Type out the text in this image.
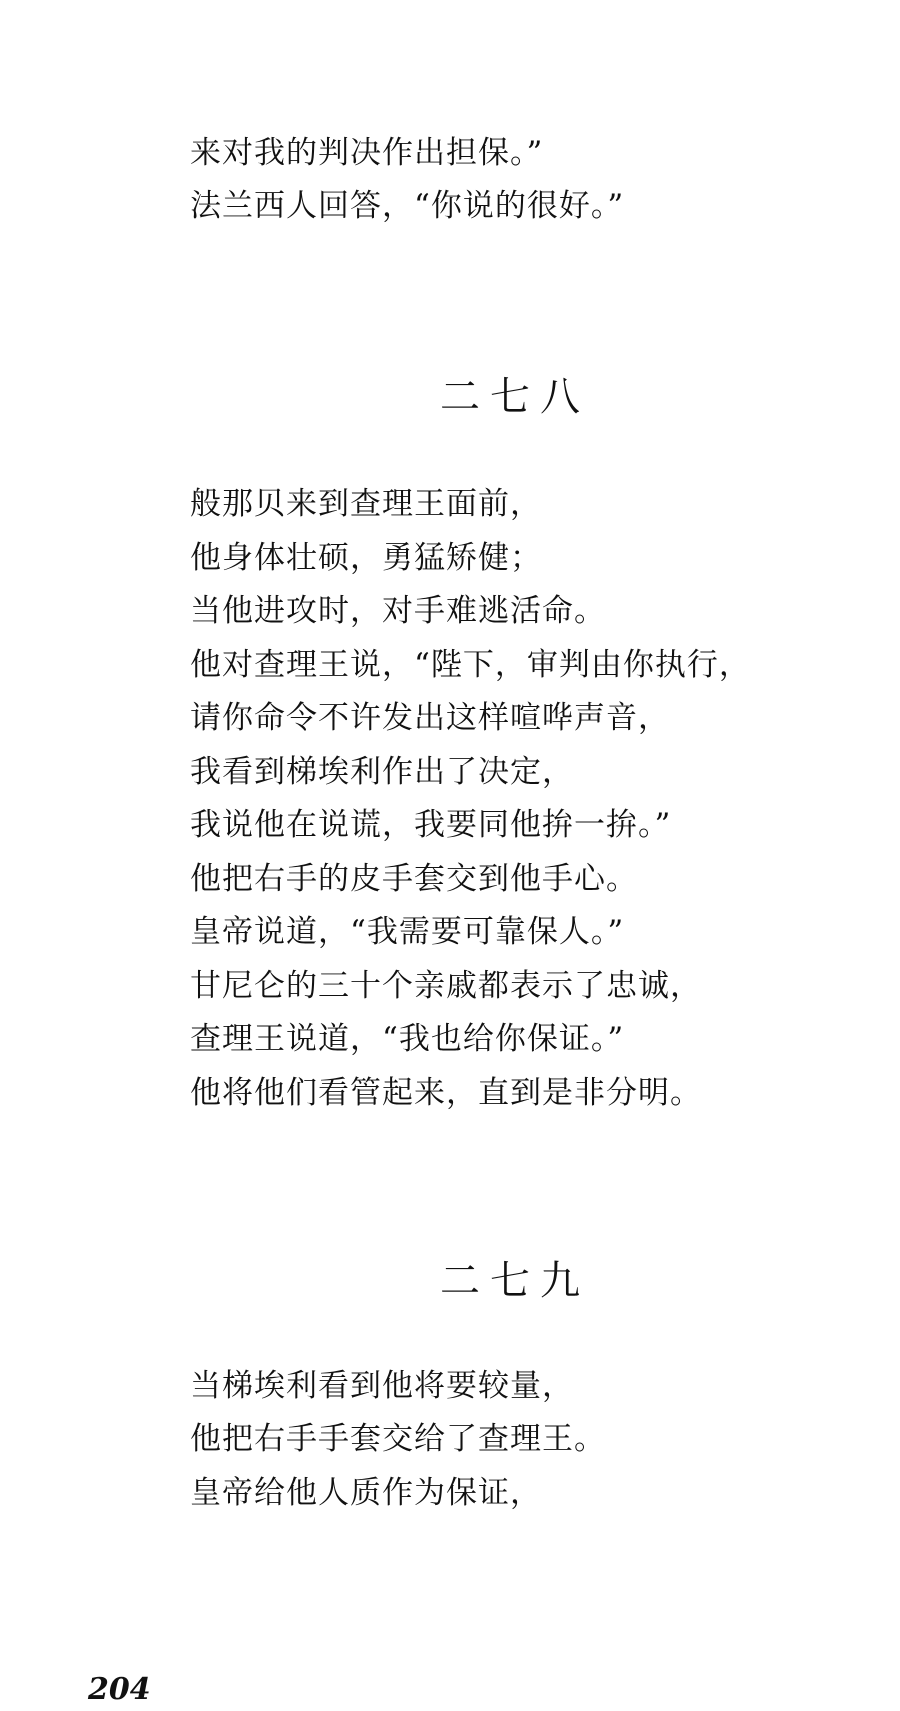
来对我的判决作出担保。”
法兰西人回答，“你说的很好。”
二七八
般那贝来到查理王面前，
他身体壮硕，勇猛矫健；
当他进攻时，对手难逃活命。
他对查理王说，“陛下，审判由你执行，
请你命令不许发出这样喧哗声音，
我看到梯埃利作出了决定，
我说他在说谎，我要同他拚一拚。”
他把右手的皮手套交到他手心。
皇帝说道，“我需要可靠保人。”
甘尼仑的三十个亲戚都表示了忠诚，
查理王说道，“我也给你保证。”
他将他们看管起来，直到是非分明。
二七九
当梯埃利看到他将要较量，
他把右手手套交给了查理王。
皇帝给他人质作为保证，
204
